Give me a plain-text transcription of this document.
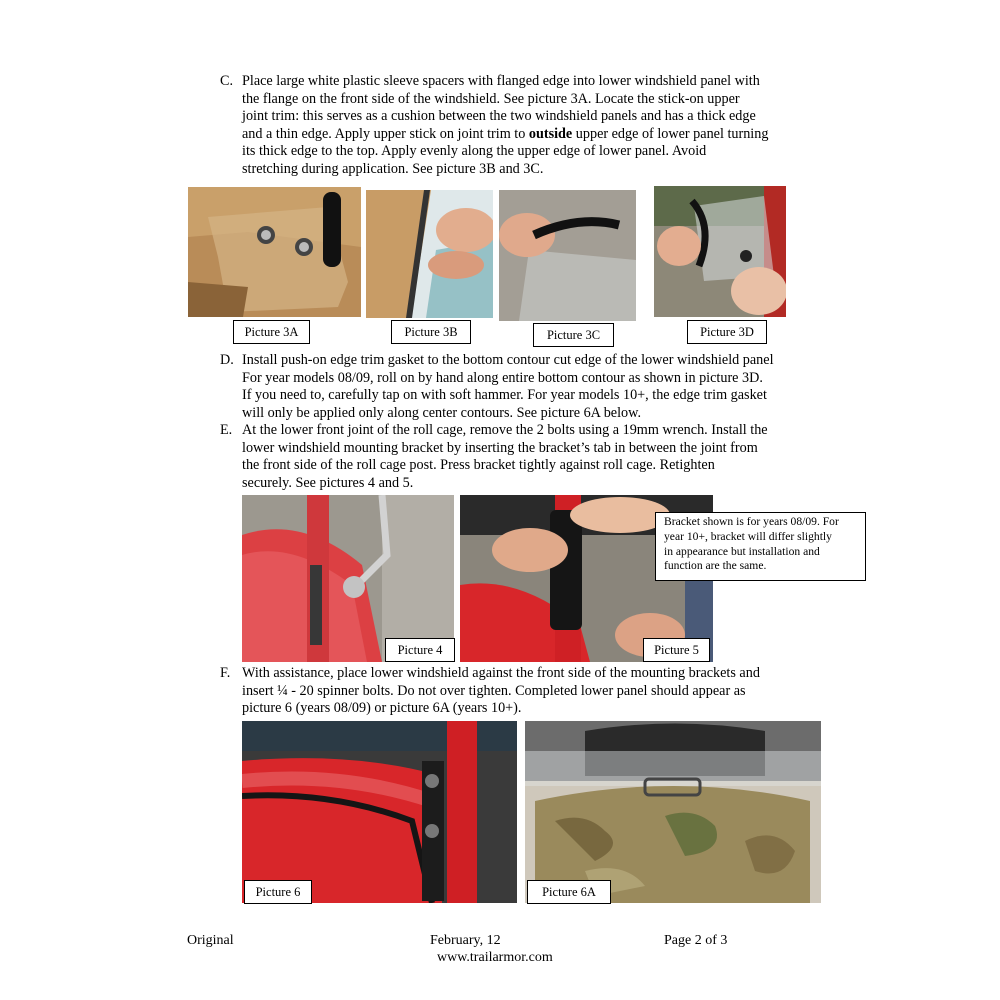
C. Place large white plastic sleeve spacers with flanged edge into lower windshield panel with
the flange on the front side of the windshield. See picture 3A. Locate the stick-on upper
joint trim: this serves as a cushion between the two windshield panels and has a thick edge
and a thin edge. Apply upper stick on joint trim to outside upper edge of lower panel turning
its thick edge to the top. Apply evenly along the upper edge of lower panel. Avoid
stretching during application. See picture 3B and 3C.
Picture 3A	Picture 3B	Picture 3C	Picture 3D
D. Install push-on edge trim gasket to the bottom contour cut edge of the lower windshield panel
For year models 08/09, roll on by hand along entire bottom contour as shown in picture 3D.
If you need to, carefully tap on with soft hammer. For year models 10+, the edge trim gasket
will only be applied only along center contours. See picture 6A below.
E. At the lower front joint of the roll cage, remove the 2 bolts using a 19mm wrench. Install the
lower windshield mounting bracket by inserting the bracket’s tab in between the joint from
the front side of the roll cage post. Press bracket tightly against roll cage. Retighten
securely. See pictures 4 and 5.
Picture 4	Picture 5
Bracket shown is for years 08/09. For
year 10+, bracket will differ slightly
in appearance but installation and
function are the same.
F. With assistance, place lower windshield against the front side of the mounting brackets and
insert ¼ - 20 spinner bolts. Do not over tighten. Completed lower panel should appear as
picture 6 (years 08/09) or picture 6A (years 10+).
Picture 6	Picture 6A
Original	February, 12	Page 2 of 3
www.trailarmor.com
